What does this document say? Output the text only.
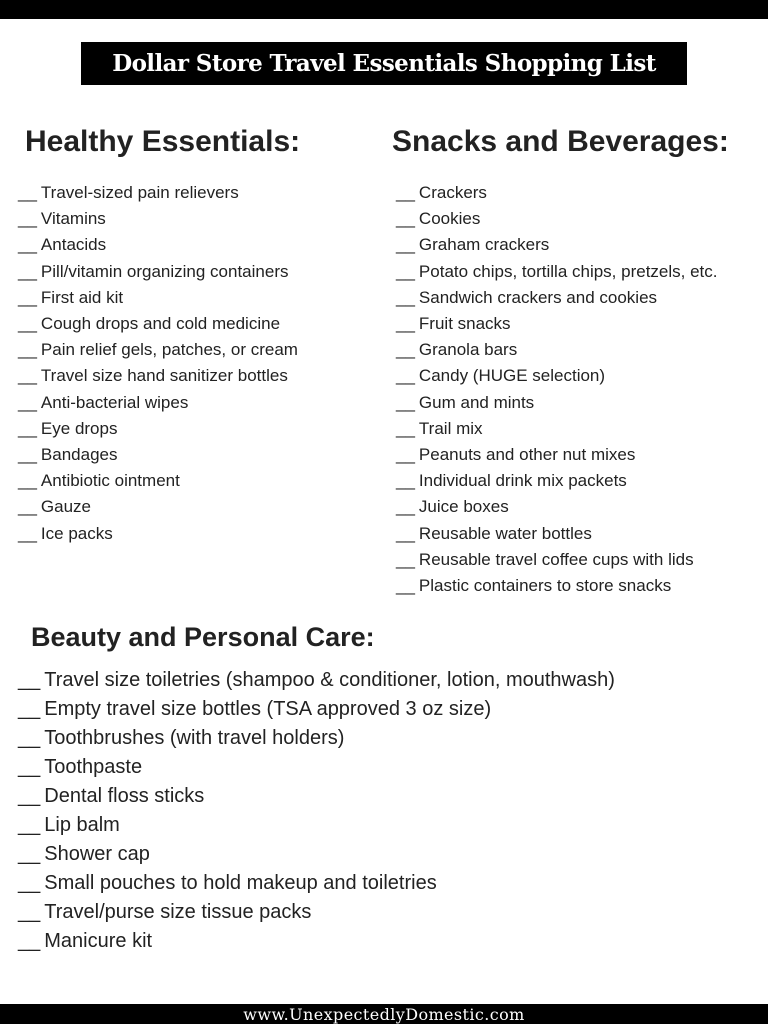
Dollar Store Travel Essentials Shopping List
Healthy Essentials:
__ Travel-sized pain relievers
__ Vitamins
__ Antacids
__ Pill/vitamin organizing containers
__ First aid kit
__ Cough drops and cold medicine
__ Pain relief gels, patches, or cream
__ Travel size hand sanitizer bottles
__ Anti-bacterial wipes
__ Eye drops
__ Bandages
__ Antibiotic ointment
__ Gauze
__ Ice packs
Snacks and Beverages:
__ Crackers
__ Cookies
__ Graham crackers
__ Potato chips, tortilla chips, pretzels, etc.
__ Sandwich crackers and cookies
__ Fruit snacks
__ Granola bars
__ Candy (HUGE selection)
__ Gum and mints
__ Trail mix
__ Peanuts and other nut mixes
__ Individual drink mix packets
__ Juice boxes
__ Reusable water bottles
__ Reusable travel coffee cups with lids
__ Plastic containers to store snacks
Beauty and Personal Care:
__ Travel size toiletries (shampoo & conditioner, lotion, mouthwash)
__ Empty travel size bottles (TSA approved 3 oz size)
__ Toothbrushes (with travel holders)
__ Toothpaste
__ Dental floss sticks
__ Lip balm
__ Shower cap
__ Small pouches to hold makeup and toiletries
__ Travel/purse size tissue packs
__ Manicure kit
www.UnexpectedlyDomestic.com
